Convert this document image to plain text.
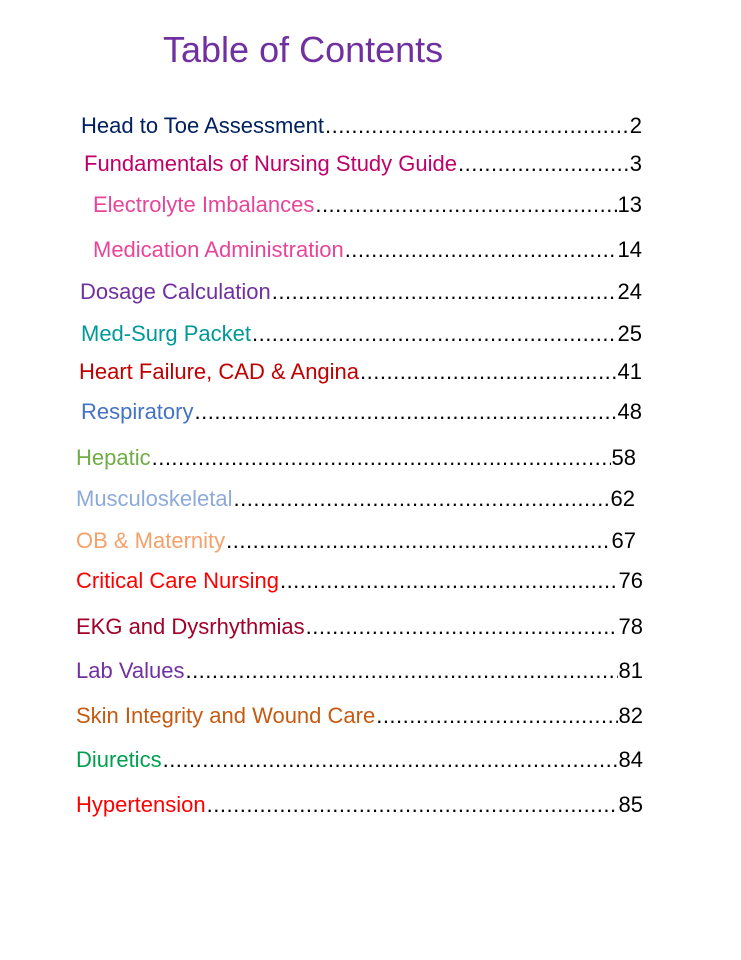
Table of Contents
Head to Toe Assessment .....	2
Fundamentals of Nursing Study Guide .....	3
Electrolyte Imbalances .....	13
Medication Administration .....	14
Dosage Calculation .....	24
Med-Surg Packet .....	25
Heart Failure, CAD & Angina .....	41
Respiratory .....	48
Hepatic .....	58
Musculoskeletal .....	62
OB & Maternity .....	67
Critical Care Nursing .....	76
EKG and Dysrhythmias .....	78
Lab Values .....	81
Skin Integrity and Wound Care .....	82
Diuretics .....	84
Hypertension .....	85
